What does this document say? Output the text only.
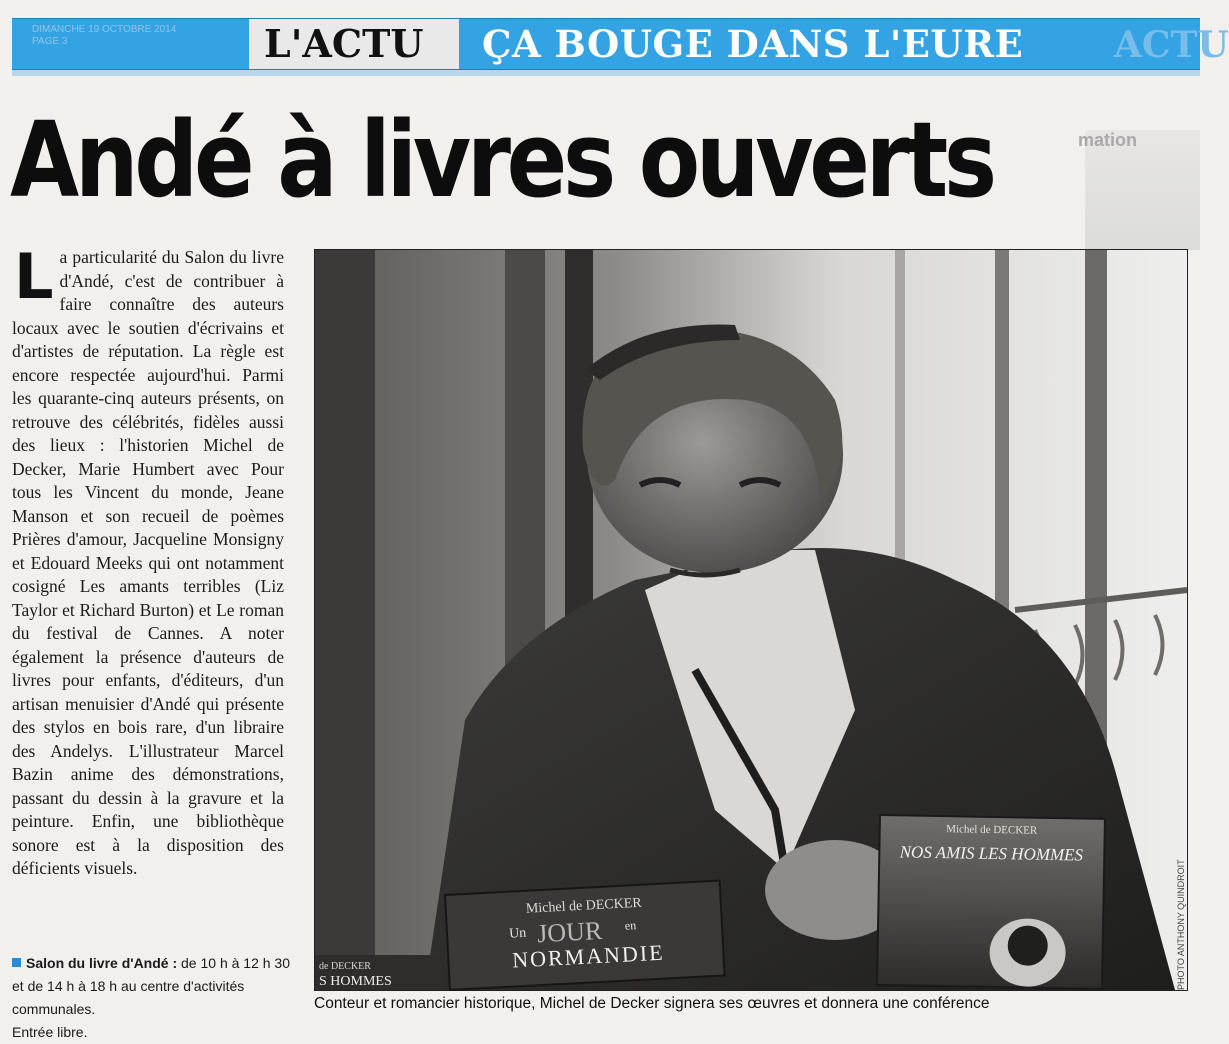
DIMANCHE 19 OCTOBRE 2014
PAGE 3	L'ACTU ÇA BOUGE DANS L'EURE	ACTU
mation
Andé à livres ouverts
L a particularité du Salon du livre d'Andé, c'est de contribuer à faire connaître des auteurs locaux avec le soutien d'écrivains et d'artistes de réputation. La règle est encore respectée aujourd'hui. Parmi les quarante-cinq auteurs présents, on retrouve des célébrités, fidèles aussi des lieux : l'historien Michel de Decker, Marie Humbert avec Pour tous les Vincent du monde, Jeane Manson et son recueil de poèmes Prières d'amour, Jacqueline Monsigny et Edouard Meeks qui ont notamment cosigné Les amants terribles (Liz Taylor et Richard Burton) et Le roman du festival de Cannes. A noter également la présence d'auteurs de livres pour enfants, d'éditeurs, d'un artisan menuisier d'Andé qui présente des stylos en bois rare, d'un libraire des Andelys. L'illustrateur Marcel Bazin anime des démonstrations, passant du dessin à la gravure et la peinture. Enfin, une bibliothèque sonore est à la disposition des déficients visuels.
Salon du livre d'Andé : de 10 h à 12 h 30
et de 14 h à 18 h au centre d'activités communales.
Entrée libre.
Michel de DECKER
NOS AMIS LES HOMMES
Michel de DECKER
Un JOUR en
NORMANDIE
de DECKER
S HOMMES	PHOTO ANTHONY QUINDROIT
Conteur et romancier historique, Michel de Decker signera ses œuvres et donnera une conférence
